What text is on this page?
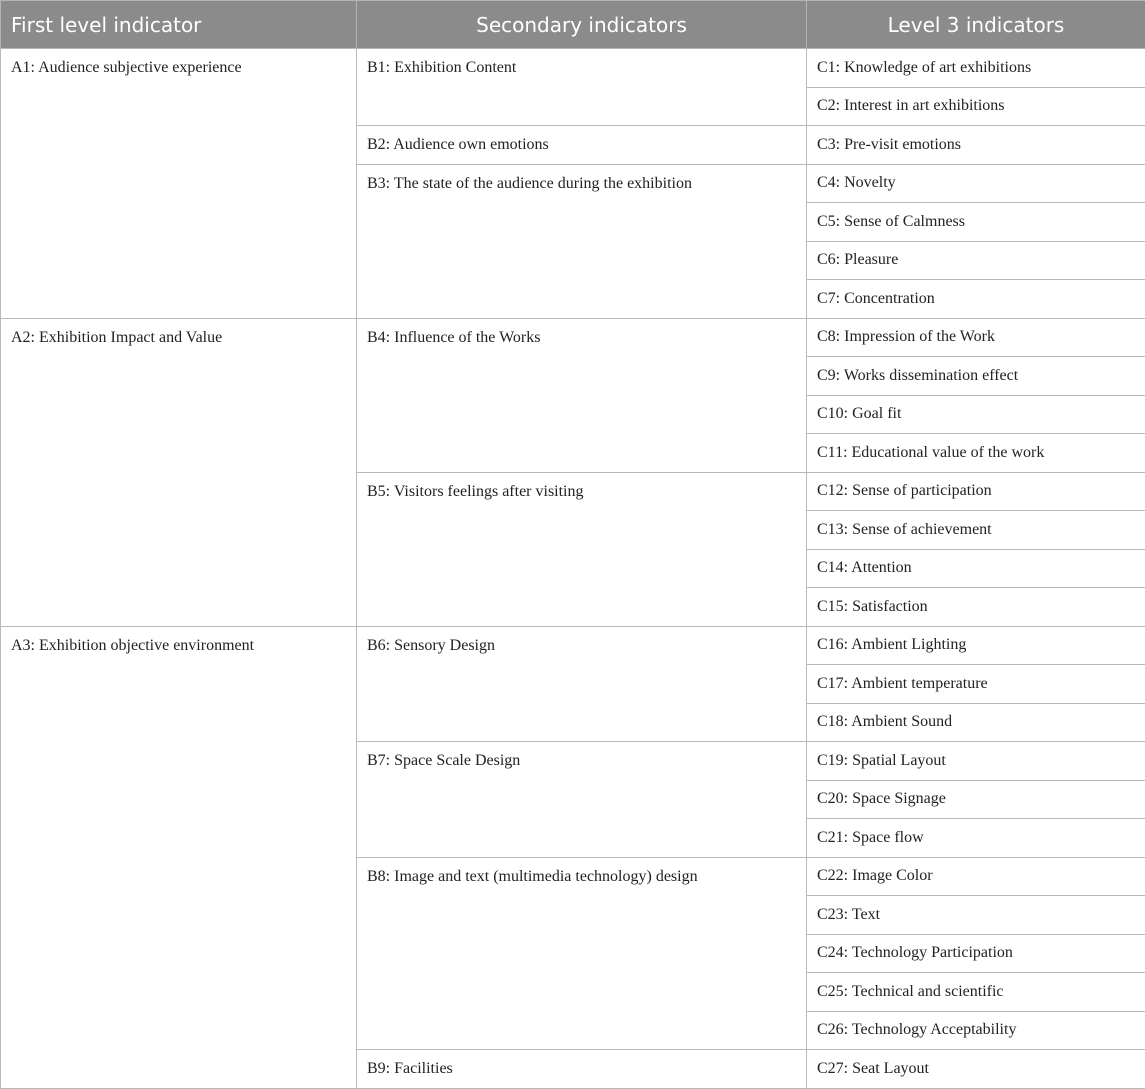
First level indicator	Secondary indicators	Level 3 indicators
A1: Audience subjective experience	B1: Exhibition Content	C1: Knowledge of art exhibitions
		C2: Interest in art exhibitions
	B2: Audience own emotions	C3: Pre-visit emotions
	B3: The state of the audience during the exhibition	C4: Novelty
		C5: Sense of Calmness
		C6: Pleasure
		C7: Concentration
A2: Exhibition Impact and Value	B4: Influence of the Works	C8: Impression of the Work
		C9: Works dissemination effect
		C10: Goal fit
		C11: Educational value of the work
	B5: Visitors feelings after visiting	C12: Sense of participation
		C13: Sense of achievement
		C14: Attention
		C15: Satisfaction
A3: Exhibition objective environment	B6: Sensory Design	C16: Ambient Lighting
		C17: Ambient temperature
		C18: Ambient Sound
	B7: Space Scale Design	C19: Spatial Layout
		C20: Space Signage
		C21: Space flow
	B8: Image and text (multimedia technology) design	C22: Image Color
		C23: Text
		C24: Technology Participation
		C25: Technical and scientific
		C26: Technology Acceptability
	B9: Facilities	C27: Seat Layout
